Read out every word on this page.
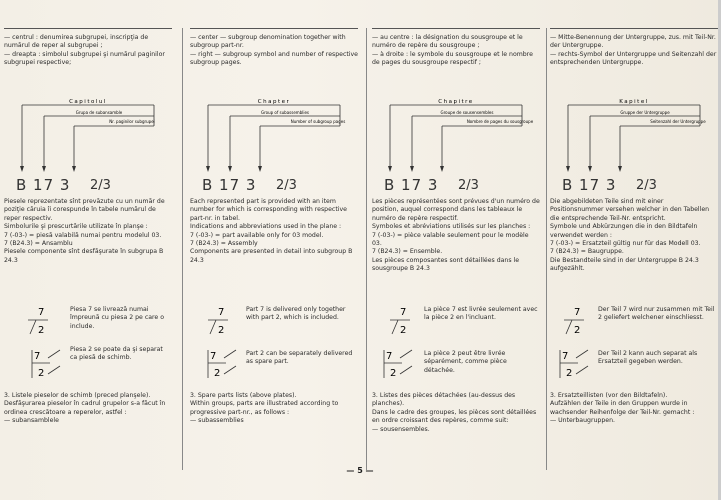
— centrul : denumirea subgrupei, inscripţia de numărul de reper al subgrupei ;

— dreapta : simbolul subgrupei şi numărul paginilor subgrupei respective;

Capitolul
Grupa de subansamble
Nr. paginilor subgrupei
B 17 3 2/3

Piesele reprezentate sînt prevăzute cu un număr de poziţie căruia îi corespunde în tabele numărul de reper respectiv.

Simbolurile şi prescurtările utilizate în planşe :

7 (-03-) = piesă valabilă numai pentru modelul 03.

7 (B24.3) = Ansamblu

Piesele componente sînt desfăşurate în subgrupa B 24.3

7
2
Piesa 7 se livrează numai împreună cu piesa 2 pe care o include.
7
2
Piesa 2 se poate da şi separat ca piesă de schimb.

3. Listele pieselor de schimb (preced planşele).

Desfăşurarea pieselor în cadrul grupelor s-a făcut în ordinea crescătoare a reperelor, astfel :

— subansamblele

— center — subgroup denomination together with subgroup part-nr.

— right — subgroup symbol and number of respective subgroup pages.

Chapter
Group of subassemblies
Number of subgroup pages
B 17 3 2/3

Each represented part is provided with an item number for which is corresponding with respective part-nr. in tabel.

Indications and abbreviations used in the plane :

7 (-03-) = part available only for 03 model.

7 (B24.3) = Assembly

Components are presented in detail into subgroup B 24.3

7
2
Part 7 is delivered only together with part 2, which is included.
7
2
Part 2 can be separately delivered as spare part.

3. Spare parts lists (above plates).

Within groups, parts are illustrated according to progressive part-nr., as follows :

— subassemblies

— au centre : la désignation du sousgroupe et le numéro de repère du sousgroupe ;

— à droite : le symbole du sousgroupe et le nombre de pages du sousgroupe respectif ;

Chapitre
Groupe de sousensembles
Nombre de pages du sousgroupe
B 17 3 2/3

Les pièces représentées sont prévues d'un numéro de position, auquel correspond dans les tableaux le numéro de repère respectif.

Symboles et abréviations utilisés sur les planches :

7 (-03-) = pièce valable seulement pour le modèle 03.

7 (B24.3) = Ensemble.

Les pièces composantes sont détaillées dans le sousgroupe B 24.3

7
2
La pièce 7 est livrée seulement avec la pièce 2 en l'incluant.
7
2
La pièce 2 peut être livrée séparément, comme pièce détachée.

3. Listes des pièces détachées (au-dessus des planches).

Dans le cadre des groupes, les pièces sont détaillées en ordre croissant des repères, comme suit:

— sousensembles.

— Mitte-Benennung der Untergruppe, zus. mit Teil-Nr. der Untergruppe.

— rechts-Symbol der Untergruppe und Seitenzahl der entsprechenden Untergruppe.

Kapitel
Gruppe der Untergruppe
Seitenzahl der Untergruppe
B 17 3 2/3

Die abgebildeten Teile sind mit einer Positionsnummer versehen welcher in den Tabellen die entsprechende Teil-Nr. entspricht.

Symbole und Abkürzungen die in den Bildtafeln verwendet werden :

7 (-03-) = Ersatzteil gültig nur für das Modell 03.

7 (B24.3) = Baugruppe.

Die Bestandteile sind in der Untergruppe B 24.3 aufgezählt.

7
2
Der Teil 7 wird nur zusammen mit Teil 2 geliefert welchener einschliesst.
7
2
Der Teil 2 kann auch separat als Ersatzteil gegeben werden.

3. Ersatzteillisten (vor den Bildtafeln).

Aufzählen der Teile in den Gruppen wurde in wachsender Reihenfolge der Teil-Nr. gemacht :

— Unterbaugruppen.

— 5 —
